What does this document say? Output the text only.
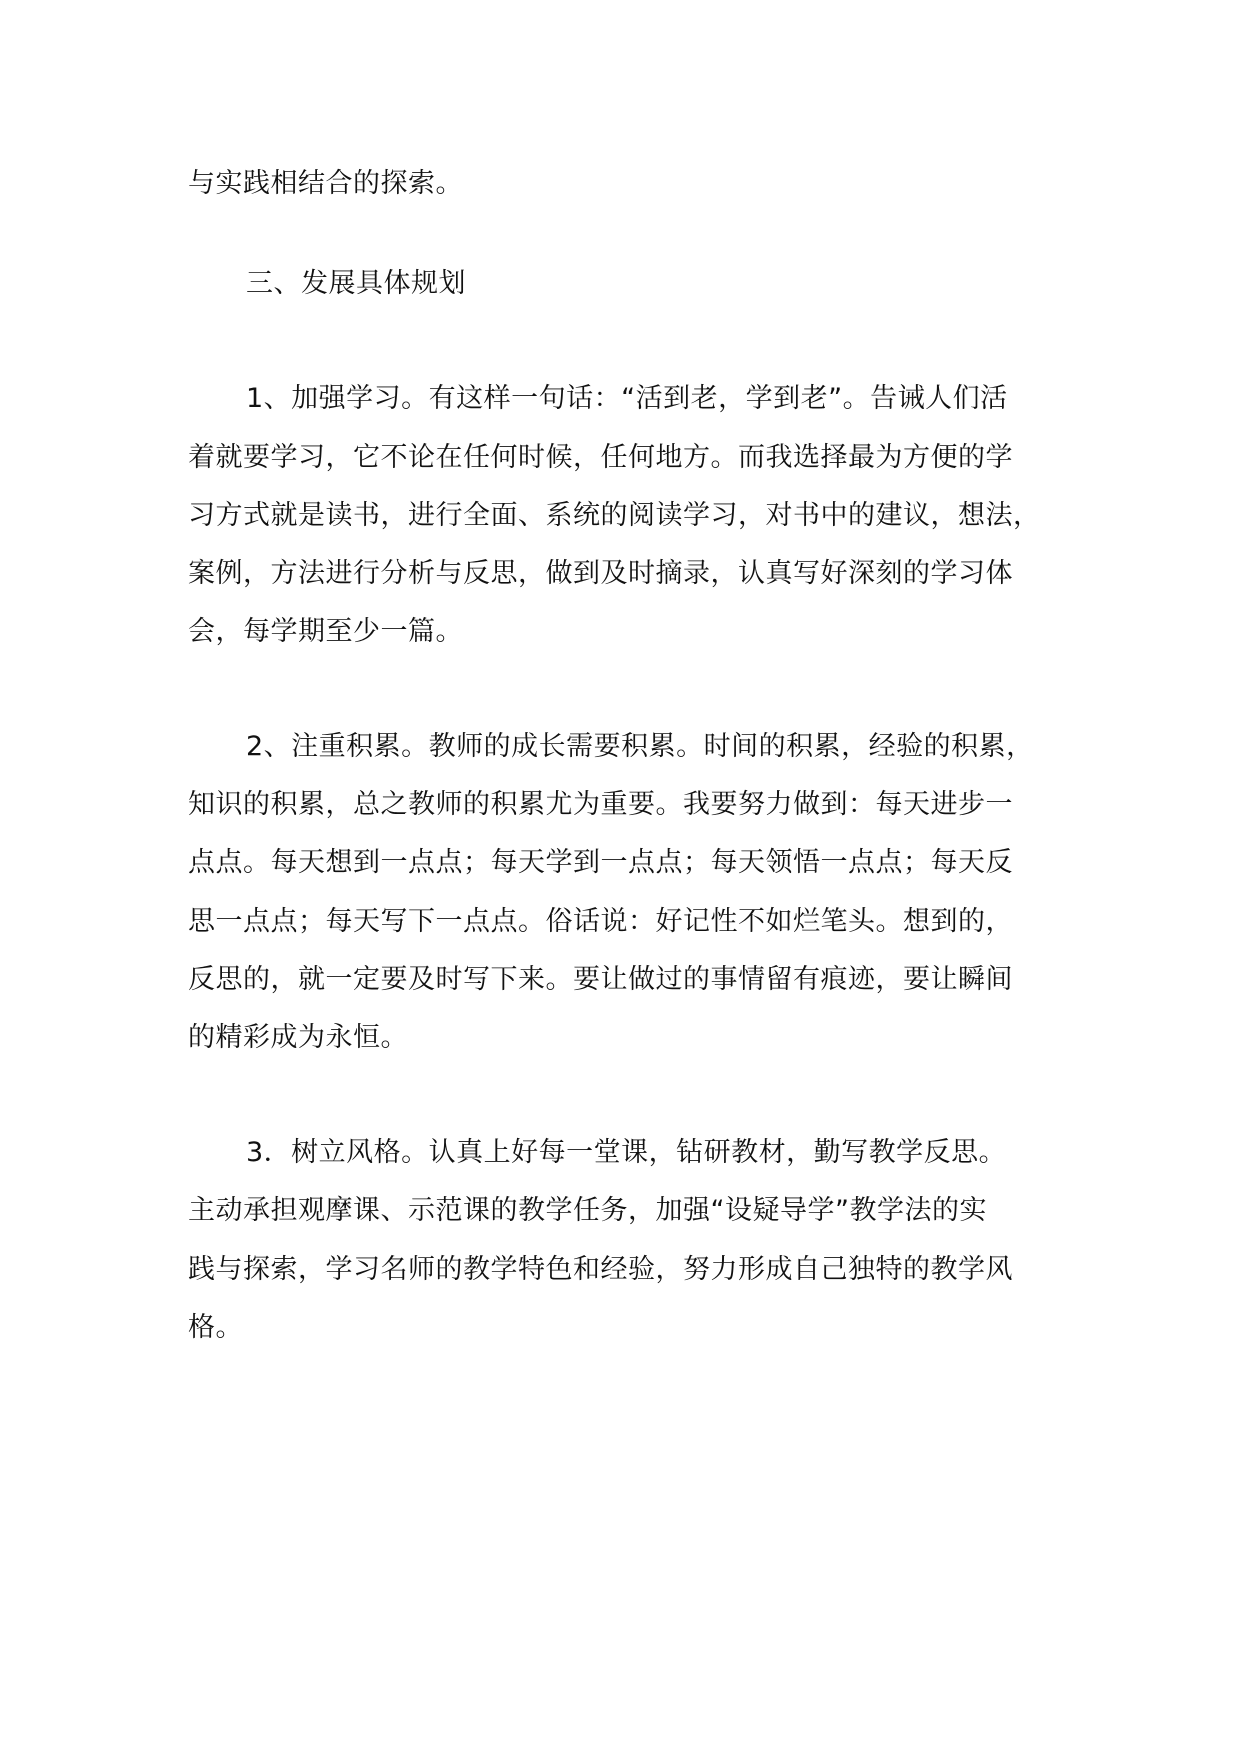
与实践相结合的探索。
三、发展具体规划
1、加强学习。有这样一句话：“活到老，学到老”。告诫人们活
着就要学习，它不论在任何时候，任何地方。而我选择最为方便的学
习方式就是读书，进行全面、系统的阅读学习，对书中的建议，想法，
案例，方法进行分析与反思，做到及时摘录，认真写好深刻的学习体
会，每学期至少一篇。
2、注重积累。教师的成长需要积累。时间的积累，经验的积累，
知识的积累，总之教师的积累尤为重要。我要努力做到：每天进步一
点点。每天想到一点点；每天学到一点点；每天领悟一点点；每天反
思一点点；每天写下一点点。俗话说：好记性不如烂笔头。想到的，
反思的，就一定要及时写下来。要让做过的事情留有痕迹，要让瞬间
的精彩成为永恒。
3．树立风格。认真上好每一堂课，钻研教材，勤写教学反思。
主动承担观摩课、示范课的教学任务，加强“设疑导学”教学法的实
践与探索，学习名师的教学特色和经验，努力形成自己独特的教学风
格。
